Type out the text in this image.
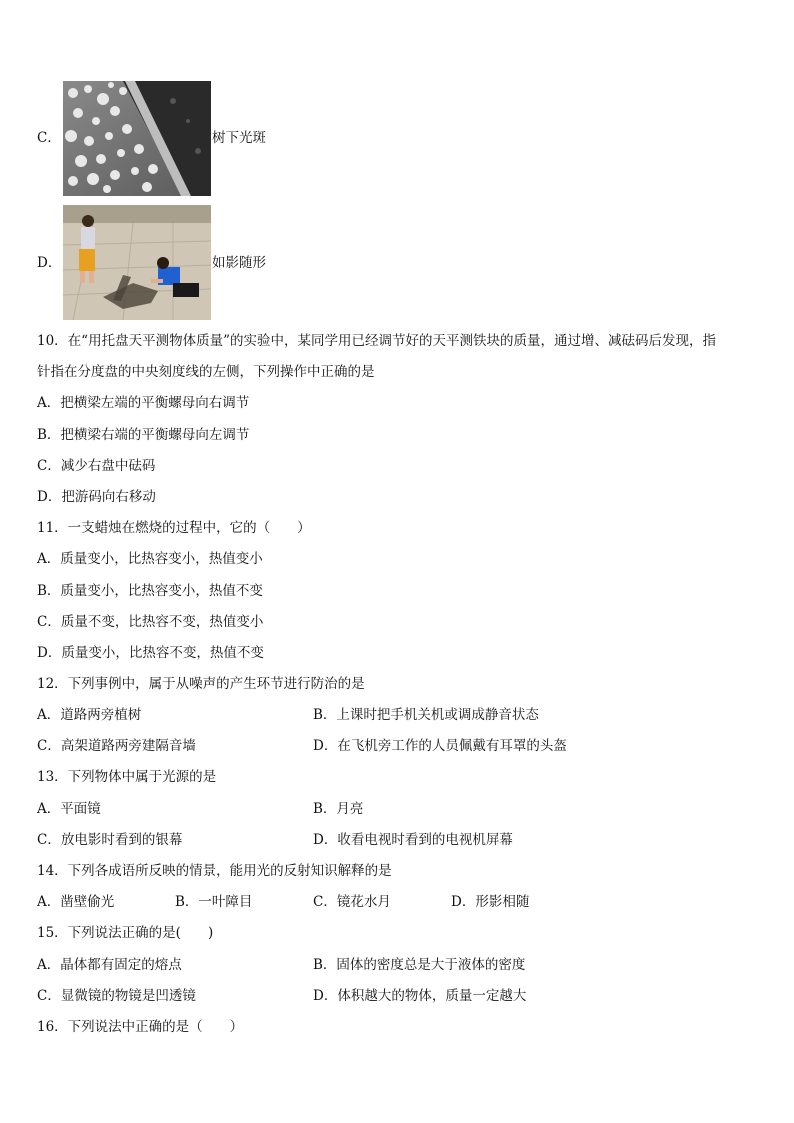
C．	树下光斑
D．	如影随形
10．在“用托盘天平测物体质量”的实验中，某同学用已经调节好的天平测铁块的质量，通过增、减砝码后发现，指
针指在分度盘的中央刻度线的左侧，下列操作中正确的是
A．把横梁左端的平衡螺母向右调节
B．把横梁右端的平衡螺母向左调节
C．减少右盘中砝码
D．把游码向右移动
11．一支蜡烛在燃烧的过程中，它的（　　）
A．质量变小，比热容变小，热值变小
B．质量变小，比热容变小，热值不变
C．质量不变，比热容不变，热值变小
D．质量变小，比热容不变，热值不变
12．下列事例中，属于从噪声的产生环节进行防治的是
A．道路两旁植树	B．上课时把手机关机或调成静音状态
C．高架道路两旁建隔音墙	D．在飞机旁工作的人员佩戴有耳罩的头盔
13．下列物体中属于光源的是
A．平面镜	B．月亮
C．放电影时看到的银幕	D．收看电视时看到的电视机屏幕
14．下列各成语所反映的情景，能用光的反射知识解释的是
A．凿壁偷光	B．一叶障目	C．镜花水月	D．形影相随
15．下列说法正确的是(　　)
A．晶体都有固定的熔点	B．固体的密度总是大于液体的密度
C．显微镜的物镜是凹透镜	D．体积越大的物体，质量一定越大
16．下列说法中正确的是（　　）
